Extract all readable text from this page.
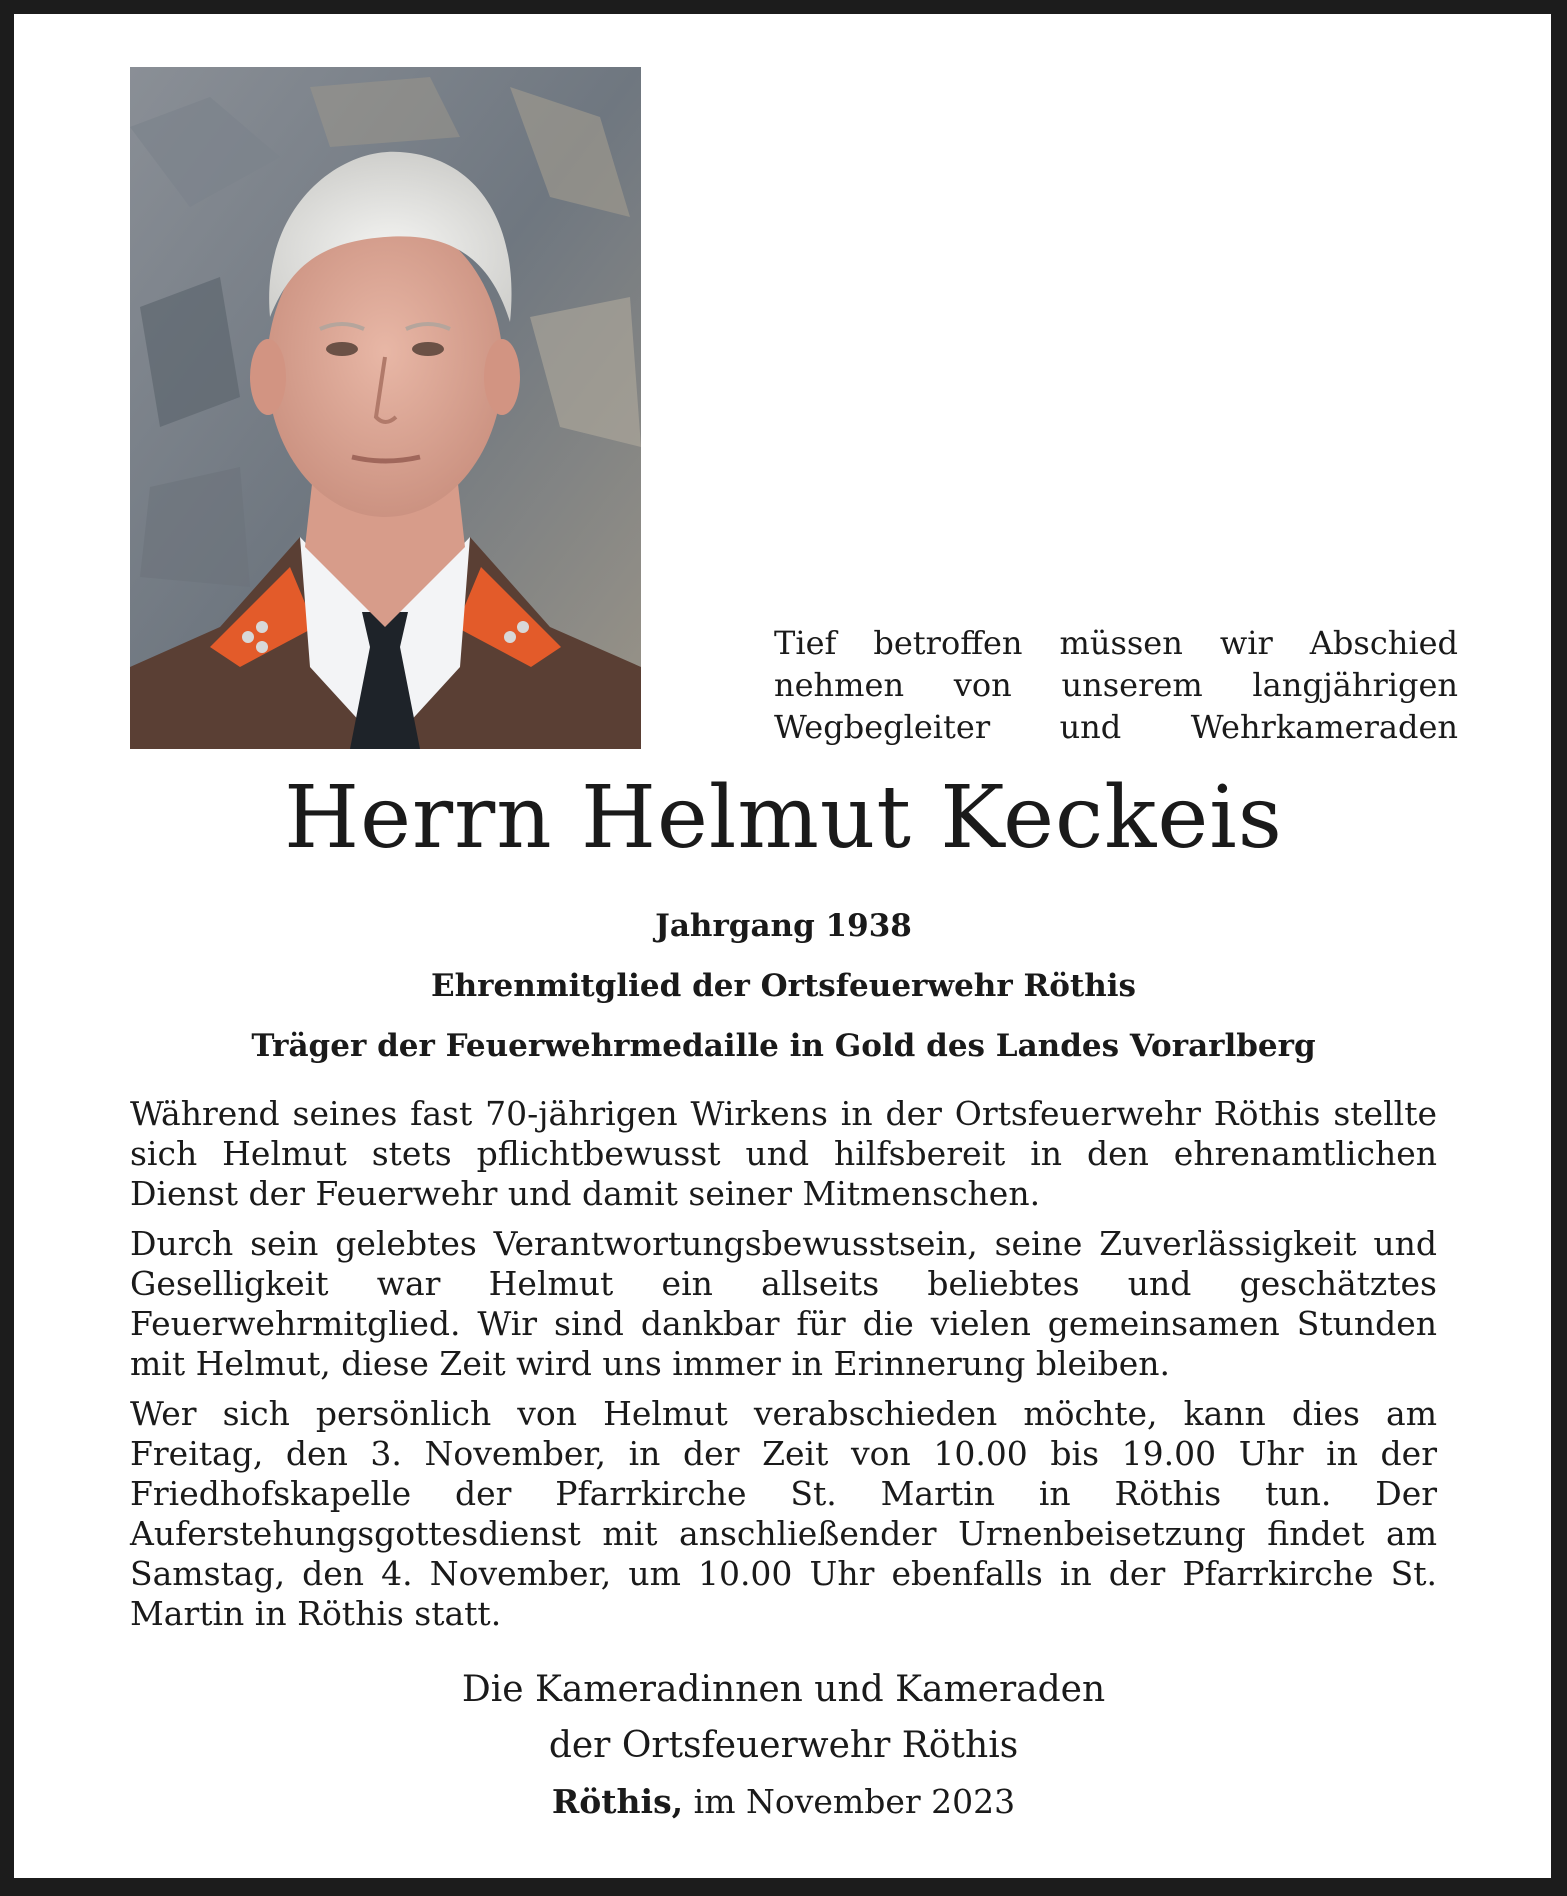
Tief betroffen müssen wir Abschied
nehmen von unserem langjährigen
Wegbegleiter und Wehrkameraden
Herrn Helmut Keckeis
Jahrgang 1938
Ehrenmitglied der Ortsfeuerwehr Röthis
Träger der Feuerwehrmedaille in Gold des Landes Vorarlberg

Während seines fast 70-jährigen Wirkens in der Ortsfeuerwehr Röthis stellte sich Helmut stets pflichtbewusst und hilfsbereit in den ehrenamtlichen Dienst der Feuerwehr und damit seiner Mitmenschen.

Durch sein gelebtes Verantwortungsbewusstsein, seine Zuverlässigkeit und Geselligkeit war Helmut ein allseits beliebtes und geschätztes Feuerwehrmitglied. Wir sind dankbar für die vielen gemeinsamen Stunden mit Helmut, diese Zeit wird uns immer in Erinnerung bleiben.

Wer sich persönlich von Helmut verabschieden möchte, kann dies am Freitag, den 3. November, in der Zeit von 10.00 bis 19.00 Uhr in der Friedhofskapelle der Pfarrkirche St. Martin in Röthis tun. Der Auferstehungsgottesdienst mit anschließender Urnenbeisetzung findet am Samstag, den 4. November, um 10.00 Uhr ebenfalls in der Pfarrkirche St. Martin in Röthis statt.

Die Kameradinnen und Kameraden
der Ortsfeuerwehr Röthis
Röthis, im November 2023
